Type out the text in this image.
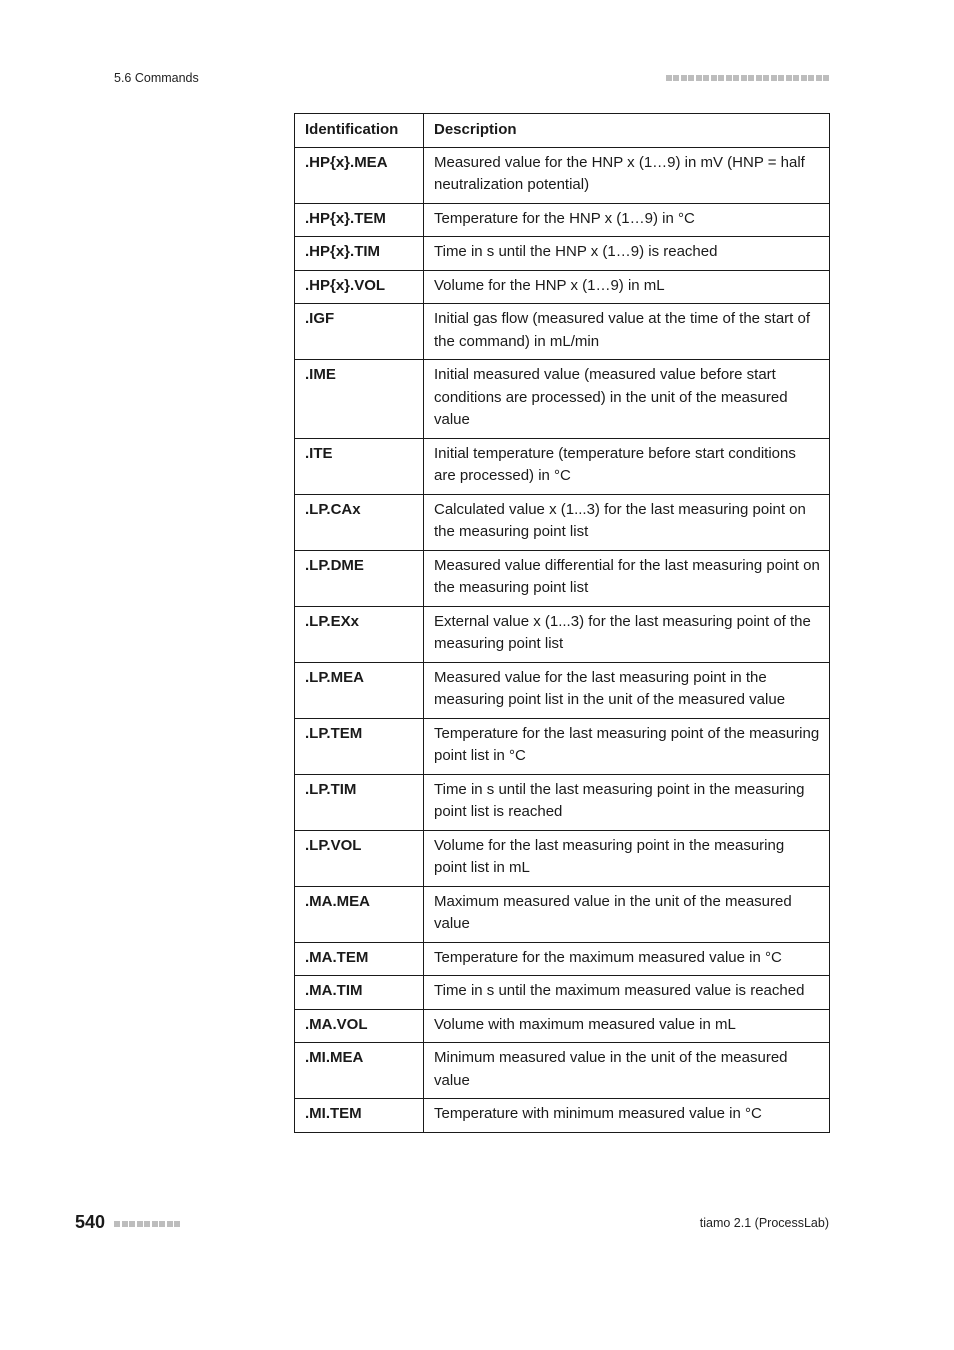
5.6 Commands
Identification	Description
.HP{x}.MEA	Measured value for the HNP x (1…9) in mV (HNP = half neutralization potential)
.HP{x}.TEM	Temperature for the HNP x (1…9) in °C
.HP{x}.TIM	Time in s until the HNP x (1…9) is reached
.HP{x}.VOL	Volume for the HNP x (1…9) in mL
.IGF	Initial gas flow (measured value at the time of the start of the command) in mL/min
.IME	Initial measured value (measured value before start conditions are processed) in the unit of the measured value
.ITE	Initial temperature (temperature before start conditions are processed) in °C
.LP.CAx	Calculated value x (1...3) for the last measuring point on the measuring point list
.LP.DME	Measured value differential for the last measuring point on the measuring point list
.LP.EXx	External value x (1...3) for the last measuring point of the measuring point list
.LP.MEA	Measured value for the last measuring point in the measuring point list in the unit of the measured value
.LP.TEM	Temperature for the last measuring point of the measuring point list in °C
.LP.TIM	Time in s until the last measuring point in the measuring point list is reached
.LP.VOL	Volume for the last measuring point in the measuring point list in mL
.MA.MEA	Maximum measured value in the unit of the measured value
.MA.TEM	Temperature for the maximum measured value in °C
.MA.TIM	Time in s until the maximum measured value is reached
.MA.VOL	Volume with maximum measured value in mL
.MI.MEA	Minimum measured value in the unit of the measured value
.MI.TEM	Temperature with minimum measured value in °C
540	tiamo 2.1 (ProcessLab)
